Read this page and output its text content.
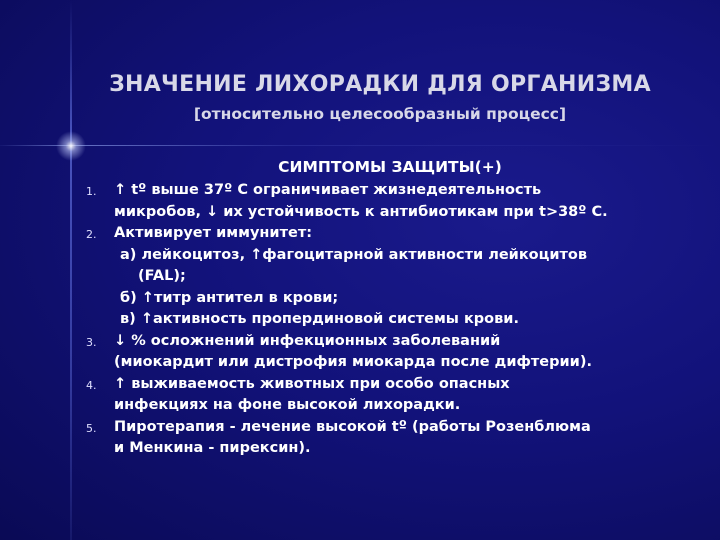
ЗНАЧЕНИЕ ЛИХОРАДКИ ДЛЯ ОРГАНИЗМА
[относительно целесообразный процесс]
СИМПТОМЫ ЗАЩИТЫ(+)
1. ↑ tº выше 37º С ограничивает жизнедеятельность
микробов, ↓ их устойчивость к антибиотикам при t>38º С.
2. Активирует иммунитет:
а) лейкоцитоз, ↑фагоцитарной активности лейкоцитов
(FAL);
б) ↑титр антител в крови;
в) ↑активность пропердиновой системы крови.
3. ↓ % осложнений инфекционных заболеваний
(миокардит или дистрофия миокарда после дифтерии).
4. ↑ выживаемость животных при особо опасных
инфекциях на фоне высокой лихорадки.
5. Пиротерапия - лечение высокой tº (работы Розенблюма
и Менкина - пирексин).
